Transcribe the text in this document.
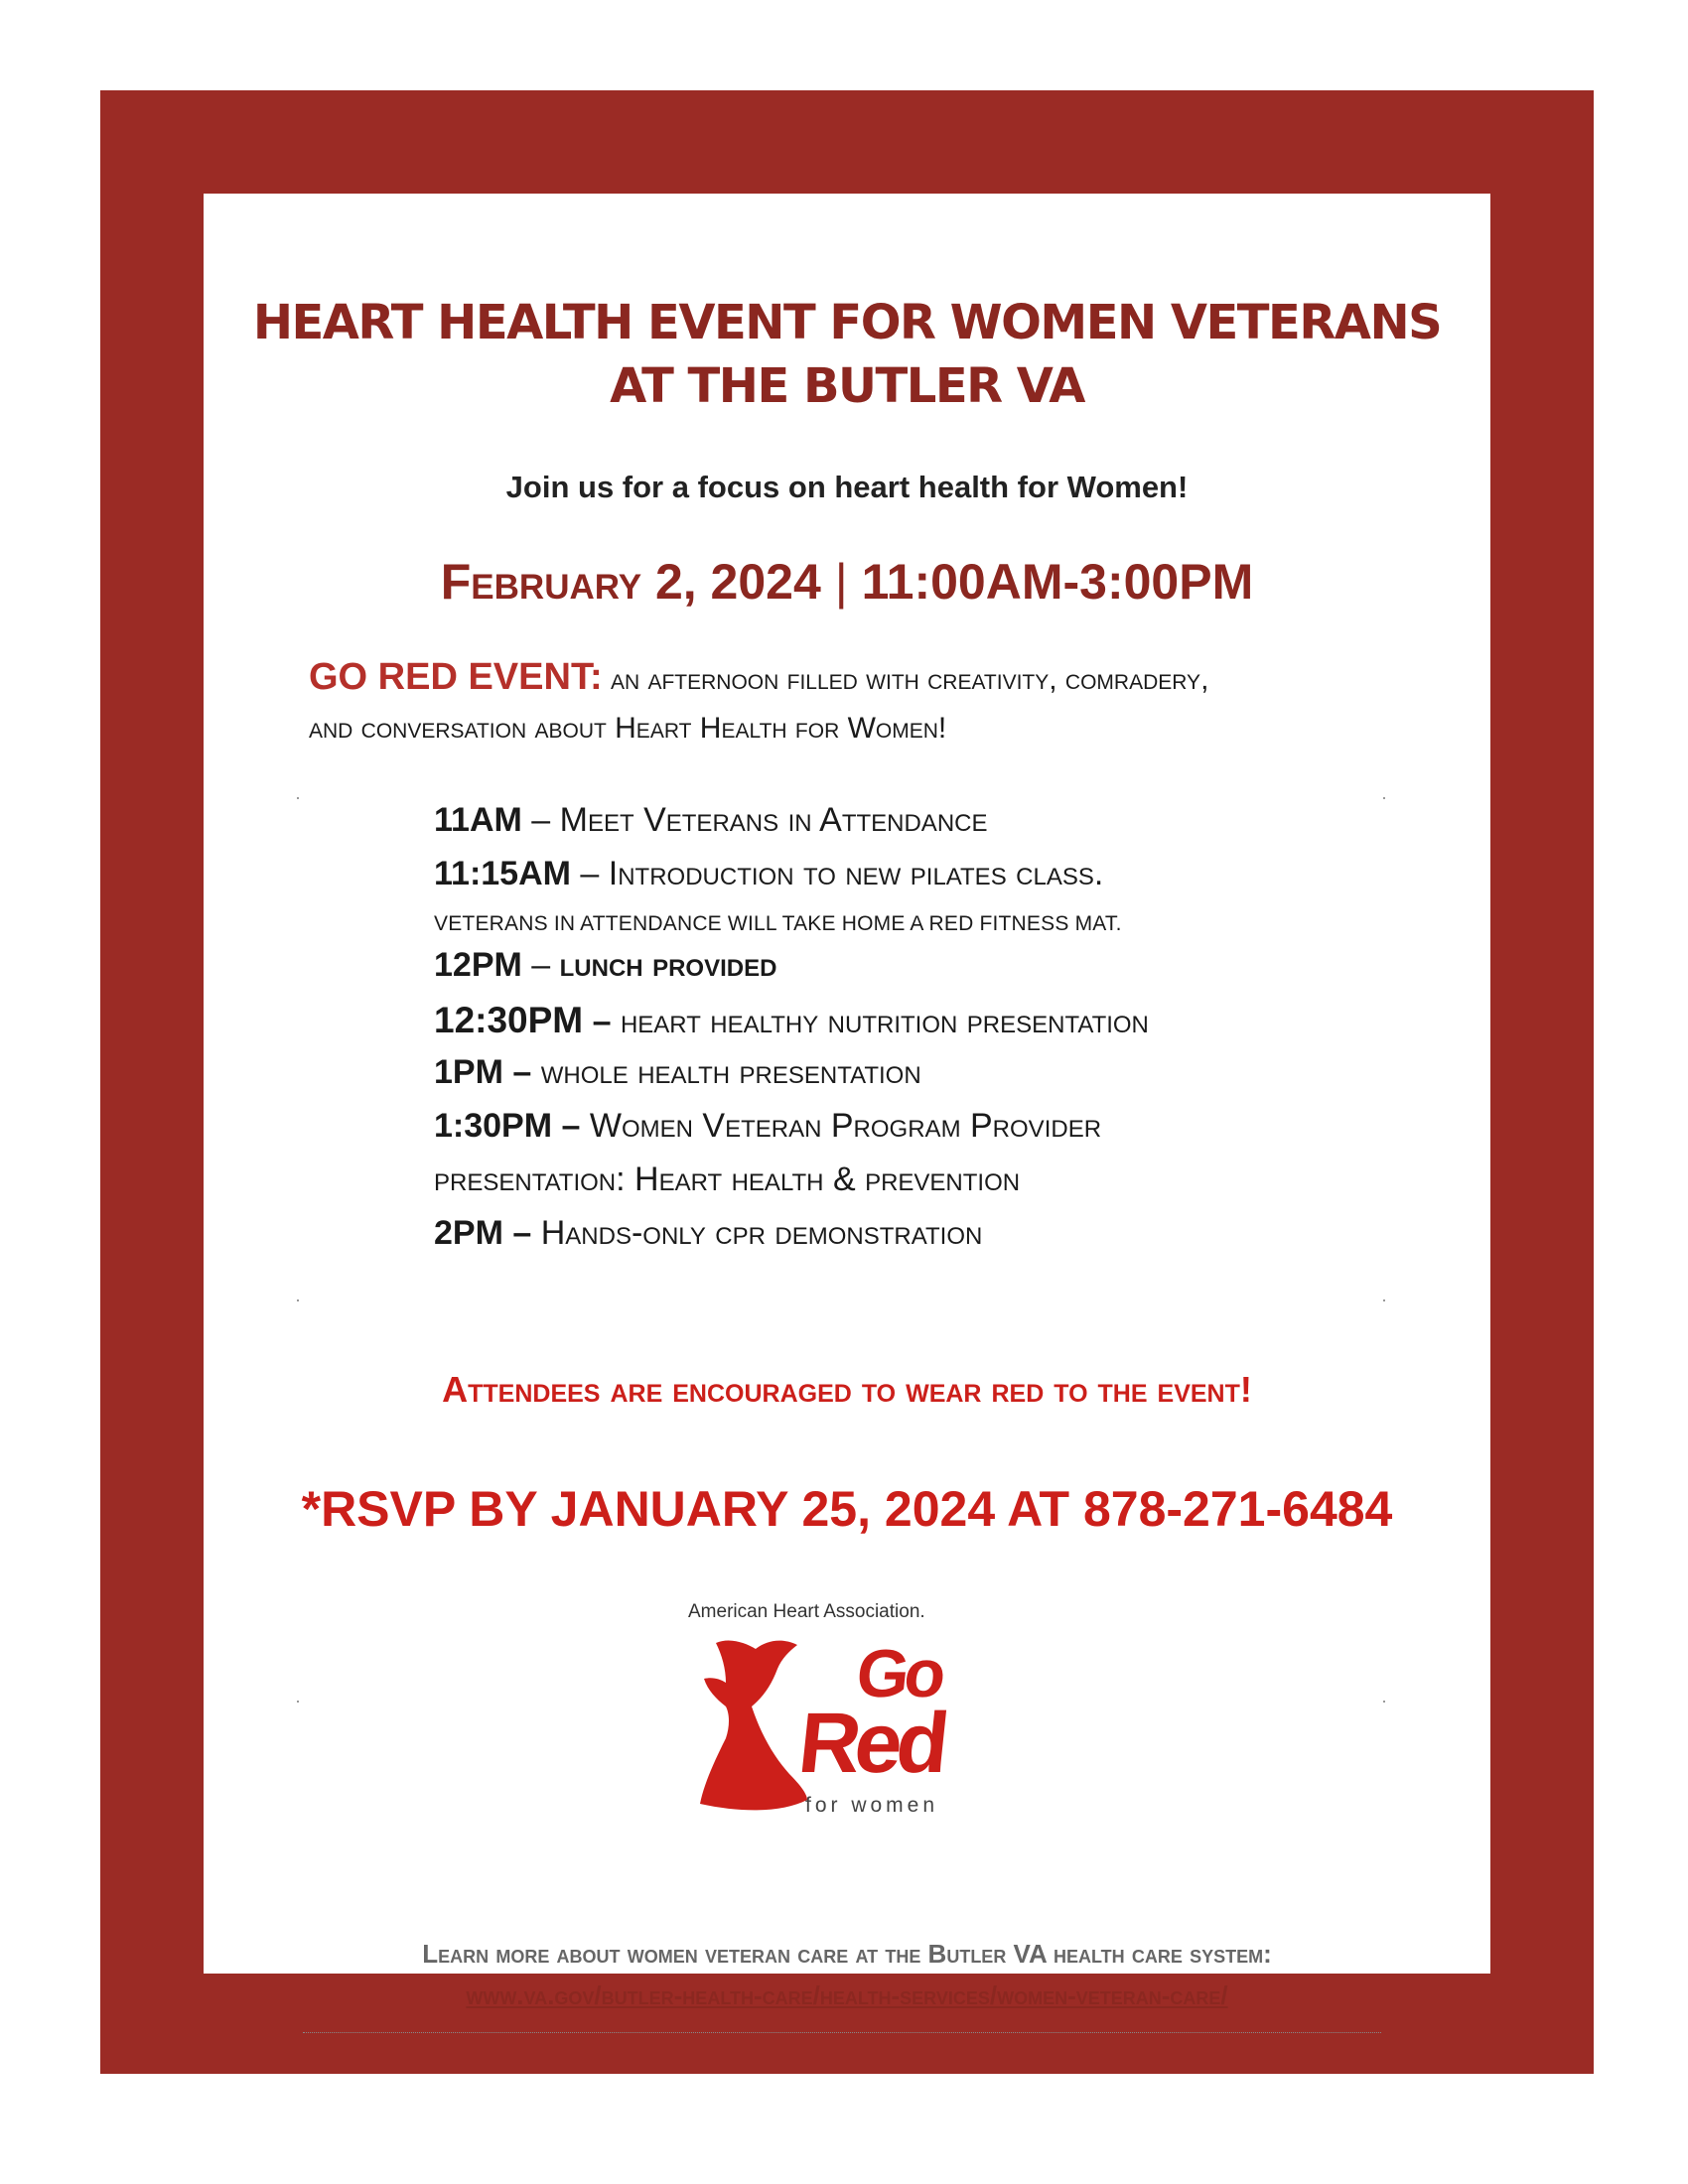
HEART HEALTH EVENT FOR WOMEN VETERANS
AT THE BUTLER VA
Join us for a focus on heart health for Women!
February 2, 2024 | 11:00AM-3:00PM
GO RED EVENT: an afternoon filled with creativity, comradery,
and conversation about Heart Health for Women!
11AM – Meet Veterans in Attendance
11:15AM – Introduction to new pilates class.
VETERANS IN ATTENDANCE WILL TAKE HOME A RED FITNESS MAT.
12PM – lunch provided
12:30PM – heart healthy nutrition presentation
1PM – whole health presentation
1:30PM – Women Veteran Program Provider
presentation: Heart health & prevention
2PM – Hands-only cpr demonstration
Attendees are encouraged to wear red to the event!
*RSVP BY JANUARY 25, 2024 AT 878-271-6484
American Heart Association.
Go
Red
for women
Learn more about women veteran care at the Butler VA health care system:
www.va.gov/butler-health-care/health-services/women-veteran-care/
